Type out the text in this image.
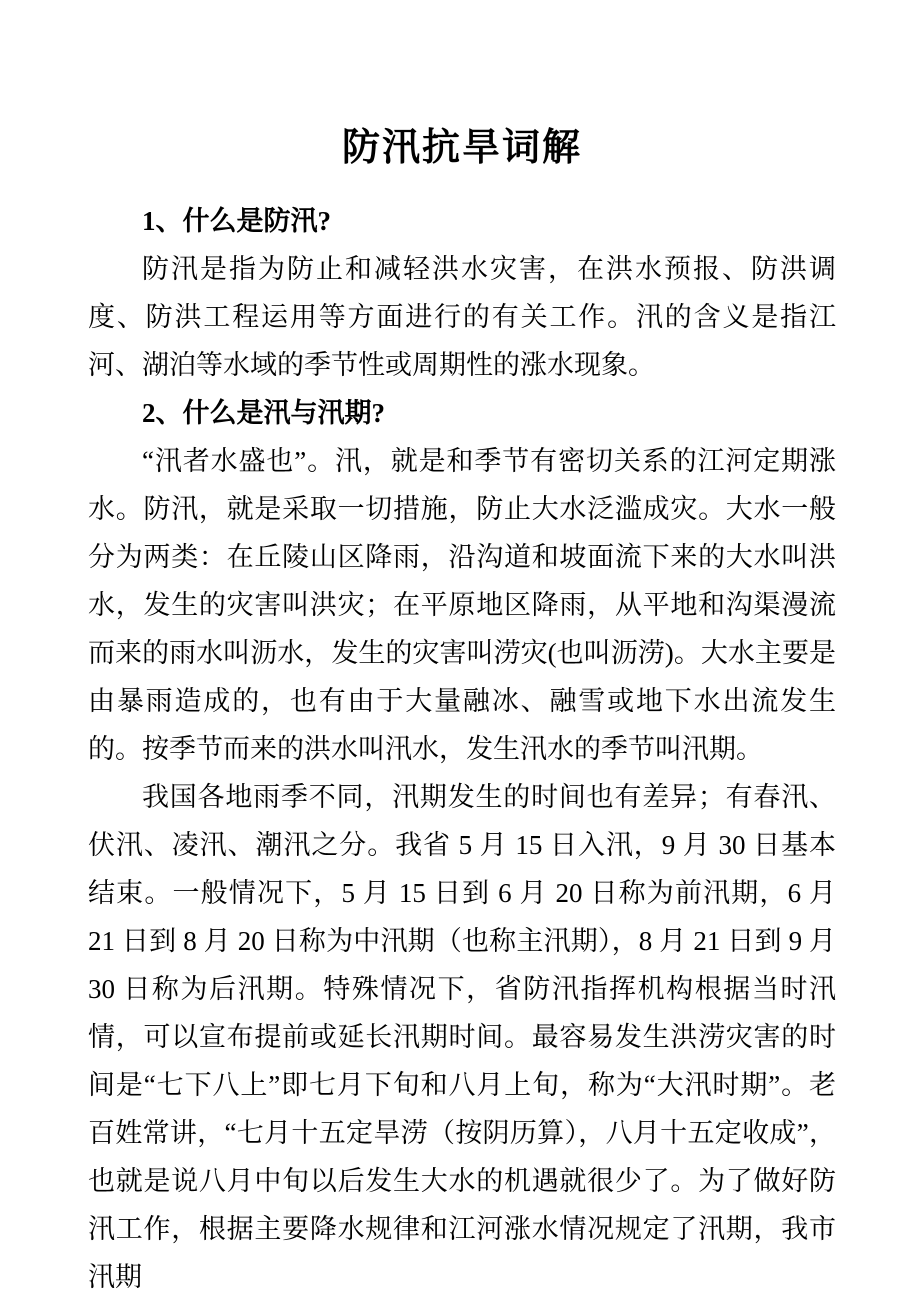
防汛抗旱词解

1、什么是防汛?

防汛是指为防止和减轻洪水灾害，在洪水预报、防洪调度、防洪工程运用等方面进行的有关工作。汛的含义是指江河、湖泊等水域的季节性或周期性的涨水现象。

2、什么是汛与汛期?

“汛者水盛也”。汛，就是和季节有密切关系的江河定期涨水。防汛，就是采取一切措施，防止大水泛滥成灾。大水一般分为两类：在丘陵山区降雨，沿沟道和坡面流下来的大水叫洪水，发生的灾害叫洪灾；在平原地区降雨，从平地和沟渠漫流而来的雨水叫沥水，发生的灾害叫涝灾(也叫沥涝)。大水主要是由暴雨造成的，也有由于大量融冰、融雪或地下水出流发生的。按季节而来的洪水叫汛水，发生汛水的季节叫汛期。

我国各地雨季不同，汛期发生的时间也有差异；有春汛、伏汛、凌汛、潮汛之分。我省 5 月 15 日入汛，9 月 30 日基本结束。一般情况下，5 月 15 日到 6 月 20 日称为前汛期，6 月 21 日到 8 月 20 日称为中汛期（也称主汛期），8 月 21 日到 9 月 30 日称为后汛期。特殊情况下，省防汛指挥机构根据当时汛情，可以宣布提前或延长汛期时间。最容易发生洪涝灾害的时间是“七下八上”即七月下旬和八月上旬，称为“大汛时期”。老百姓常讲，“七月十五定旱涝（按阴历算），八月十五定收成”，也就是说八月中旬以后发生大水的机遇就很少了。为了做好防汛工作，根据主要降水规律和江河涨水情况规定了汛期，我市汛期
